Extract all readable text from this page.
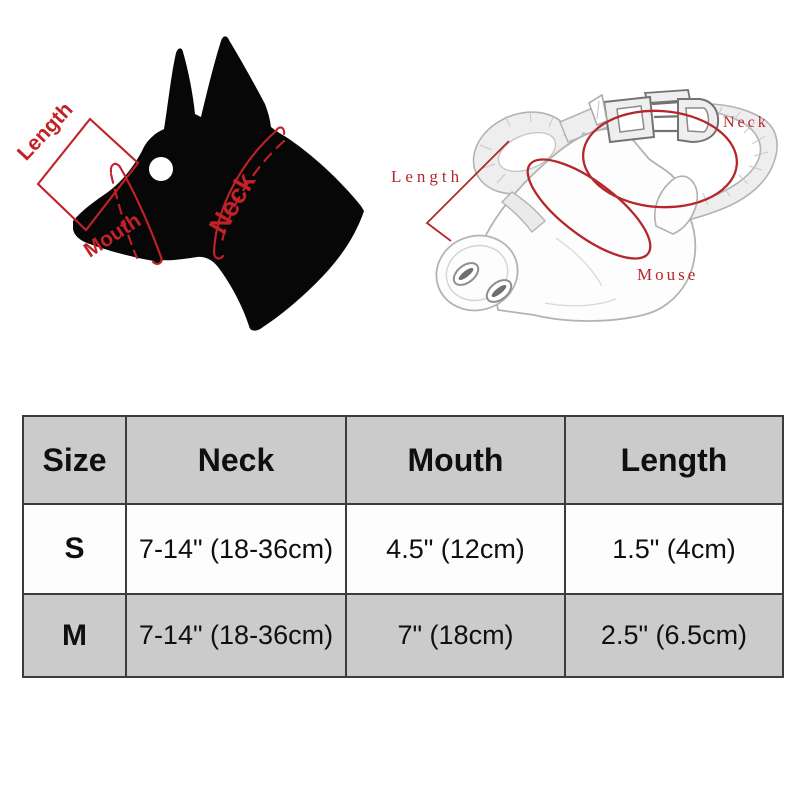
Length
Mouth Neck	Length
Neck
Mouse
Size	Neck	Mouth	Length
S	7-14" (18-36cm)	4.5" (12cm)	1.5" (4cm)
M	7-14" (18-36cm)	7" (18cm)	2.5" (6.5cm)
